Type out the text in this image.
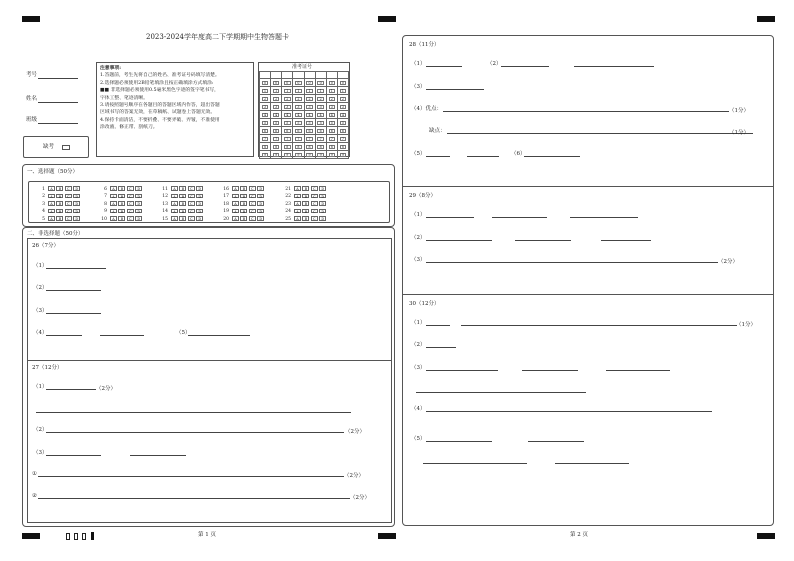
2023-2024学年度高二下学期期中生物答题卡
考号
姓名
班级
缺考

注意事项:

1.答题前，考生先将自己的姓名、准考证号码填写清楚。

2.选择题必须使用2B铅笔填涂且按正确填涂方式填涂:

■■ 非选择题必须使用0.5毫米黑色字迹的签字笔书写，

字体工整、笔迹清晰。

3.请按照题号顺序在各题目的答题区域内作答，超出答题

区域书写的答案无效，在草稿纸、试题卷上答题无效。

4.保持卡面清洁，不要折叠、不要弄破、弄皱，不准使用

涂改液、修正带、刮纸刀。

准考证号

0	0	0	0	0	0	0	0
1	1	1	1	1	1	1	1
2	2	2	2	2	2	2	2
3	3	3	3	3	3	3	3
4	4	4	4	4	4	4	4
5	5	5	5	5	5	5	5
6	6	6	6	6	6	6	6
7	7	7	7	7	7	7	7
8	8	8	8	8	8	8	8
9	9	9	9	9	9	9	9
一、选择题（50分）
1 A B C D
2 A B C D
3 A B C D
4 A B C D
5 A B C D
6 A B C D
7 A B C D
8 A B C D
9 A B C D
10 A B C D
11 A B C D
12 A B C D
13 A B C D
14 A B C D
15 A B C D
16 A B C D
17 A B C D
18 A B C D
19 A B C D
20 A B C D
21 A B C D
22 A B C D
23 A B C D
24 A B C D
25 A B C D
二、非选择题（50分）
26（7分）
（1）
（2）
（3）
（4）	（5）
27（12分）
（1）	（2分）
（2）	（2分）
（3）
①	（2分）
②	（2分）
第 1 页
28（11分）
（1）	（2）
（3）
（4）优点：	（1分）
缺点：	（1分）
（5）	（6）
29（8分）
（1）
（2）
（3）	（2分）
30（12分）
（1）	（1分）
（2）
（3）
（4）
（5）
第 2 页
